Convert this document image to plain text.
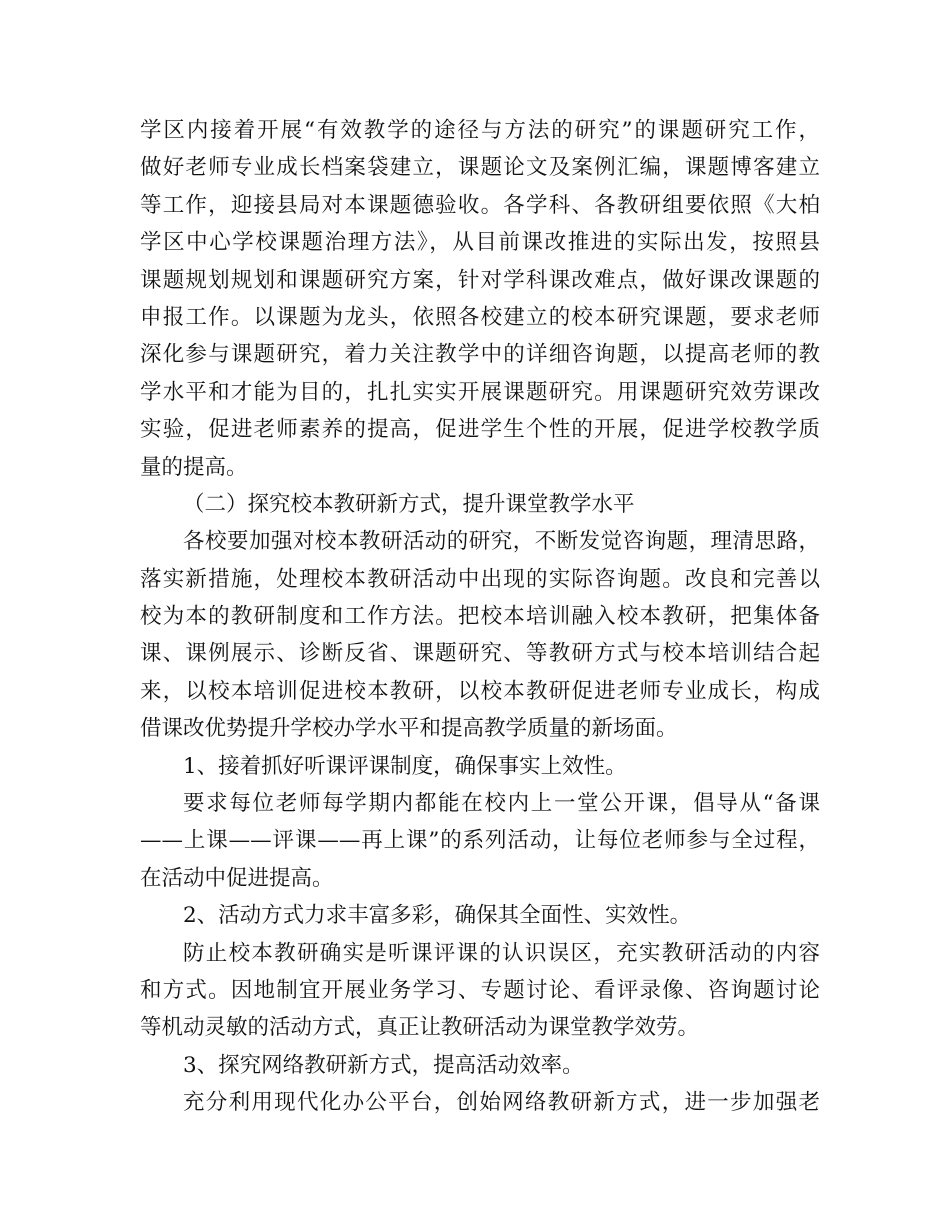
学区内接着开展“有效教学的途径与方法的研究”的课题研究工作，
做好老师专业成长档案袋建立，课题论文及案例汇编，课题博客建立
等工作，迎接县局对本课题德验收。各学科、各教研组要依照《大柏
学区中心学校课题治理方法》，从目前课改推进的实际出发，按照县
课题规划规划和课题研究方案，针对学科课改难点，做好课改课题的
申报工作。以课题为龙头，依照各校建立的校本研究课题，要求老师
深化参与课题研究，着力关注教学中的详细咨询题，以提高老师的教
学水平和才能为目的，扎扎实实开展课题研究。用课题研究效劳课改
实验，促进老师素养的提高，促进学生个性的开展，促进学校教学质
量的提高。
（二）探究校本教研新方式，提升课堂教学水平
各校要加强对校本教研活动的研究，不断发觉咨询题，理清思路，
落实新措施，处理校本教研活动中出现的实际咨询题。改良和完善以
校为本的教研制度和工作方法。把校本培训融入校本教研，把集体备
课、课例展示、诊断反省、课题研究、等教研方式与校本培训结合起
来，以校本培训促进校本教研，以校本教研促进老师专业成长，构成
借课改优势提升学校办学水平和提高教学质量的新场面。
1、接着抓好听课评课制度，确保事实上效性。
要求每位老师每学期内都能在校内上一堂公开课，倡导从“备课
——上课——评课——再上课”的系列活动，让每位老师参与全过程，
在活动中促进提高。
2、活动方式力求丰富多彩，确保其全面性、实效性。
防止校本教研确实是听课评课的认识误区，充实教研活动的内容
和方式。因地制宜开展业务学习、专题讨论、看评录像、咨询题讨论
等机动灵敏的活动方式，真正让教研活动为课堂教学效劳。
3、探究网络教研新方式，提高活动效率。
充分利用现代化办公平台，创始网络教研新方式，进一步加强老
